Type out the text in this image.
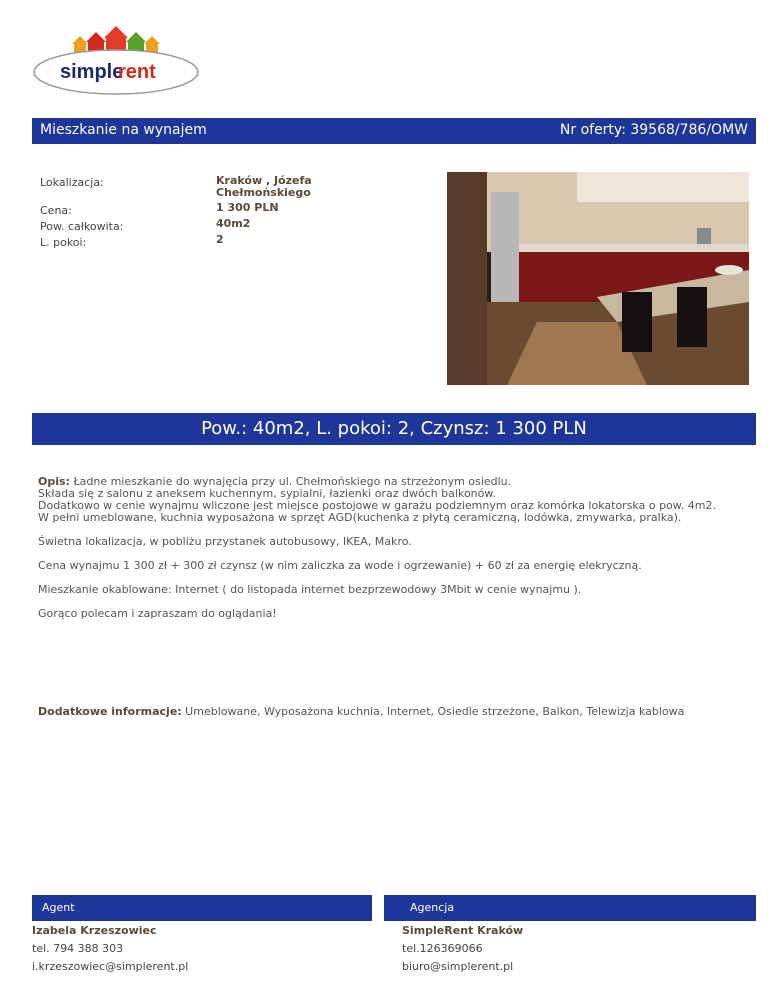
simple
rent
Mieszkanie na wynajem	Nr oferty: 39568/786/OMW
Lokalizacja:	Kraków , Józefa Chełmońskiego
Cena:	1 300 PLN
Pow. całkowita:	40m2
L. pokoi:	2
Pow.: 40m2, L. pokoi: 2, Czynsz: 1 300 PLN

Opis: Ładne mieszkanie do wynajęcia przy ul. Chełmońskiego na strzeżonym osiedlu.
Składa się z salonu z aneksem kuchennym, sypialni, łazienki oraz dwóch balkonów.
Dodatkowo w cenie wynajmu wliczone jest miejsce postojowe w garażu podziemnym oraz komórka lokatorska o pow. 4m2.
W pełni umeblowane, kuchnia wyposażona w sprzęt AGD(kuchenka z płytą ceramiczną, lodówka, zmywarka, pralka).

Świetna lokalizacja, w pobliżu przystanek autobusowy, IKEA, Makro.

Cena wynajmu 1 300 zł + 300 zł czynsz (w nim zaliczka za wode i ogrzewanie) + 60 zł za energię elekryczną.

Mieszkanie okablowane: Internet ( do listopada internet bezprzewodowy 3Mbit w cenie wynajmu ).

Gorąco polecam i zapraszam do oglądania!

Dodatkowe informacje: Umeblowane, Wyposażona kuchnia, Internet, Osiedle strzeżone, Balkon, Telewizja kablowa
Agent
Izabela Krzeszowiec
tel. 794 388 303
i.krzeszowiec@simplerent.pl
Agencja
SimpleRent Kraków
tel.126369066
biuro@simplerent.pl
